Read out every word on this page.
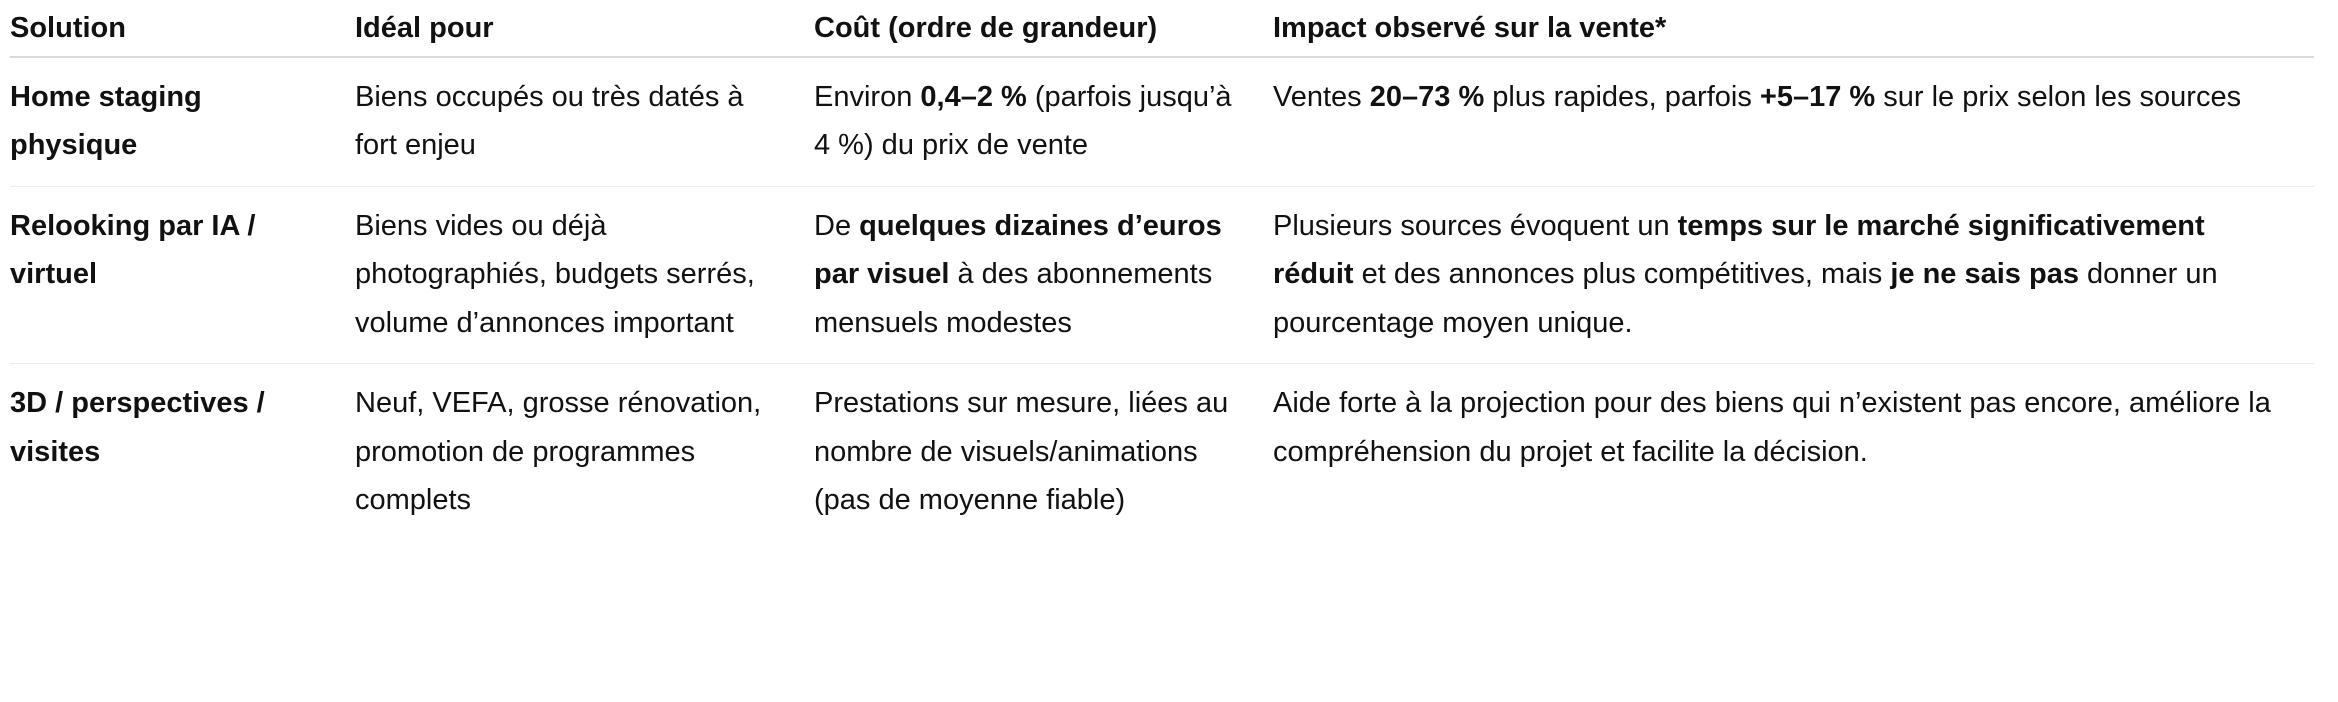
Solution	Idéal pour	Coût (ordre de grandeur)	Impact observé sur la vente*
Home staging physique	Biens occupés ou très datés à fort enjeu	Environ 0,4–2 % (parfois jusqu’à 4 %) du prix de vente	Ventes 20–73 % plus rapides, parfois +5–17 % sur le prix selon les sources
Relooking par IA / virtuel	Biens vides ou déjà photographiés, budgets serrés, volume d’annonces important	De quelques dizaines d’euros par visuel à des abonnements mensuels modestes	Plusieurs sources évoquent un temps sur le marché significativement réduit et des annonces plus compétitives, mais je ne sais pas donner un pourcentage moyen unique.
3D / perspectives / visites	Neuf, VEFA, grosse rénovation, promotion de programmes complets	Prestations sur mesure, liées au nombre de visuels/animations (pas de moyenne fiable)	Aide forte à la projection pour des biens qui n’existent pas encore, améliore la compréhension du projet et facilite la décision.
